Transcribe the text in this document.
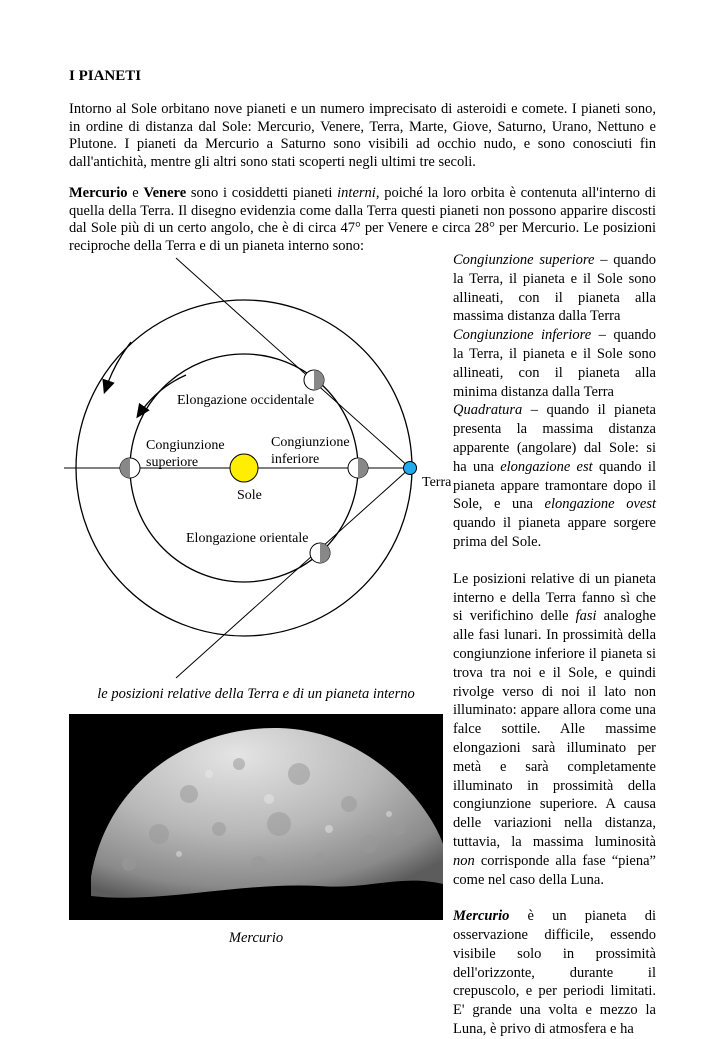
I PIANETI
Intorno al Sole orbitano nove pianeti e un numero imprecisato di asteroidi e comete. I pianeti sono, in ordine di distanza dal Sole: Mercurio, Venere, Terra, Marte, Giove, Saturno, Urano, Nettuno e Plutone. I pianeti da Mercurio a Saturno sono visibili ad occhio nudo, e sono conosciuti fin dall'antichità, mentre gli altri sono stati scoperti negli ultimi tre secoli.
Mercurio e Venere sono i cosiddetti pianeti interni, poiché la loro orbita è contenuta all'interno di quella della Terra. Il disegno evidenzia come dalla Terra questi pianeti non possono apparire discosti dal Sole più di un certo angolo, che è di circa 47° per Venere e circa 28° per Mercurio. Le posizioni reciproche della Terra e di un pianeta interno sono:
Elongazione occidentale
Congiunzione
superiore
Congiunzione
inferiore
Sole
Terra
Elongazione orientale
le posizioni relative della Terra e di un pianeta interno
Mercurio

Congiunzione superiore – quando la Terra, il pianeta e il Sole sono allineati, con il pianeta alla massima distanza dalla Terra
Congiunzione inferiore – quando la Terra, il pianeta e il Sole sono allineati, con il pianeta alla minima distanza dalla Terra
Quadratura – quando il pianeta presenta la massima distanza apparente (angolare) dal Sole: si ha una elongazione est quando il pianeta appare tramontare dopo il Sole, e una elongazione ovest quando il pianeta appare sorgere prima del Sole.

Le posizioni relative di un pianeta interno e della Terra fanno sì che si verifichino delle fasi analoghe alle fasi lunari. In prossimità della congiunzione inferiore il pianeta si trova tra noi e il Sole, e quindi rivolge verso di noi il lato non illuminato: appare allora come una falce sottile. Alle massime elongazioni sarà illuminato per metà e sarà completamente illuminato in prossimità della congiunzione superiore. A causa delle variazioni nella distanza, tuttavia, la massima luminosità non corrisponde alla fase “piena” come nel caso della Luna.

Mercurio è un pianeta di osservazione difficile, essendo visibile solo in prossimità dell'orizzonte, durante il crepuscolo, e per periodi limitati. E' grande una volta e mezzo la Luna, è privo di atmosfera e ha
